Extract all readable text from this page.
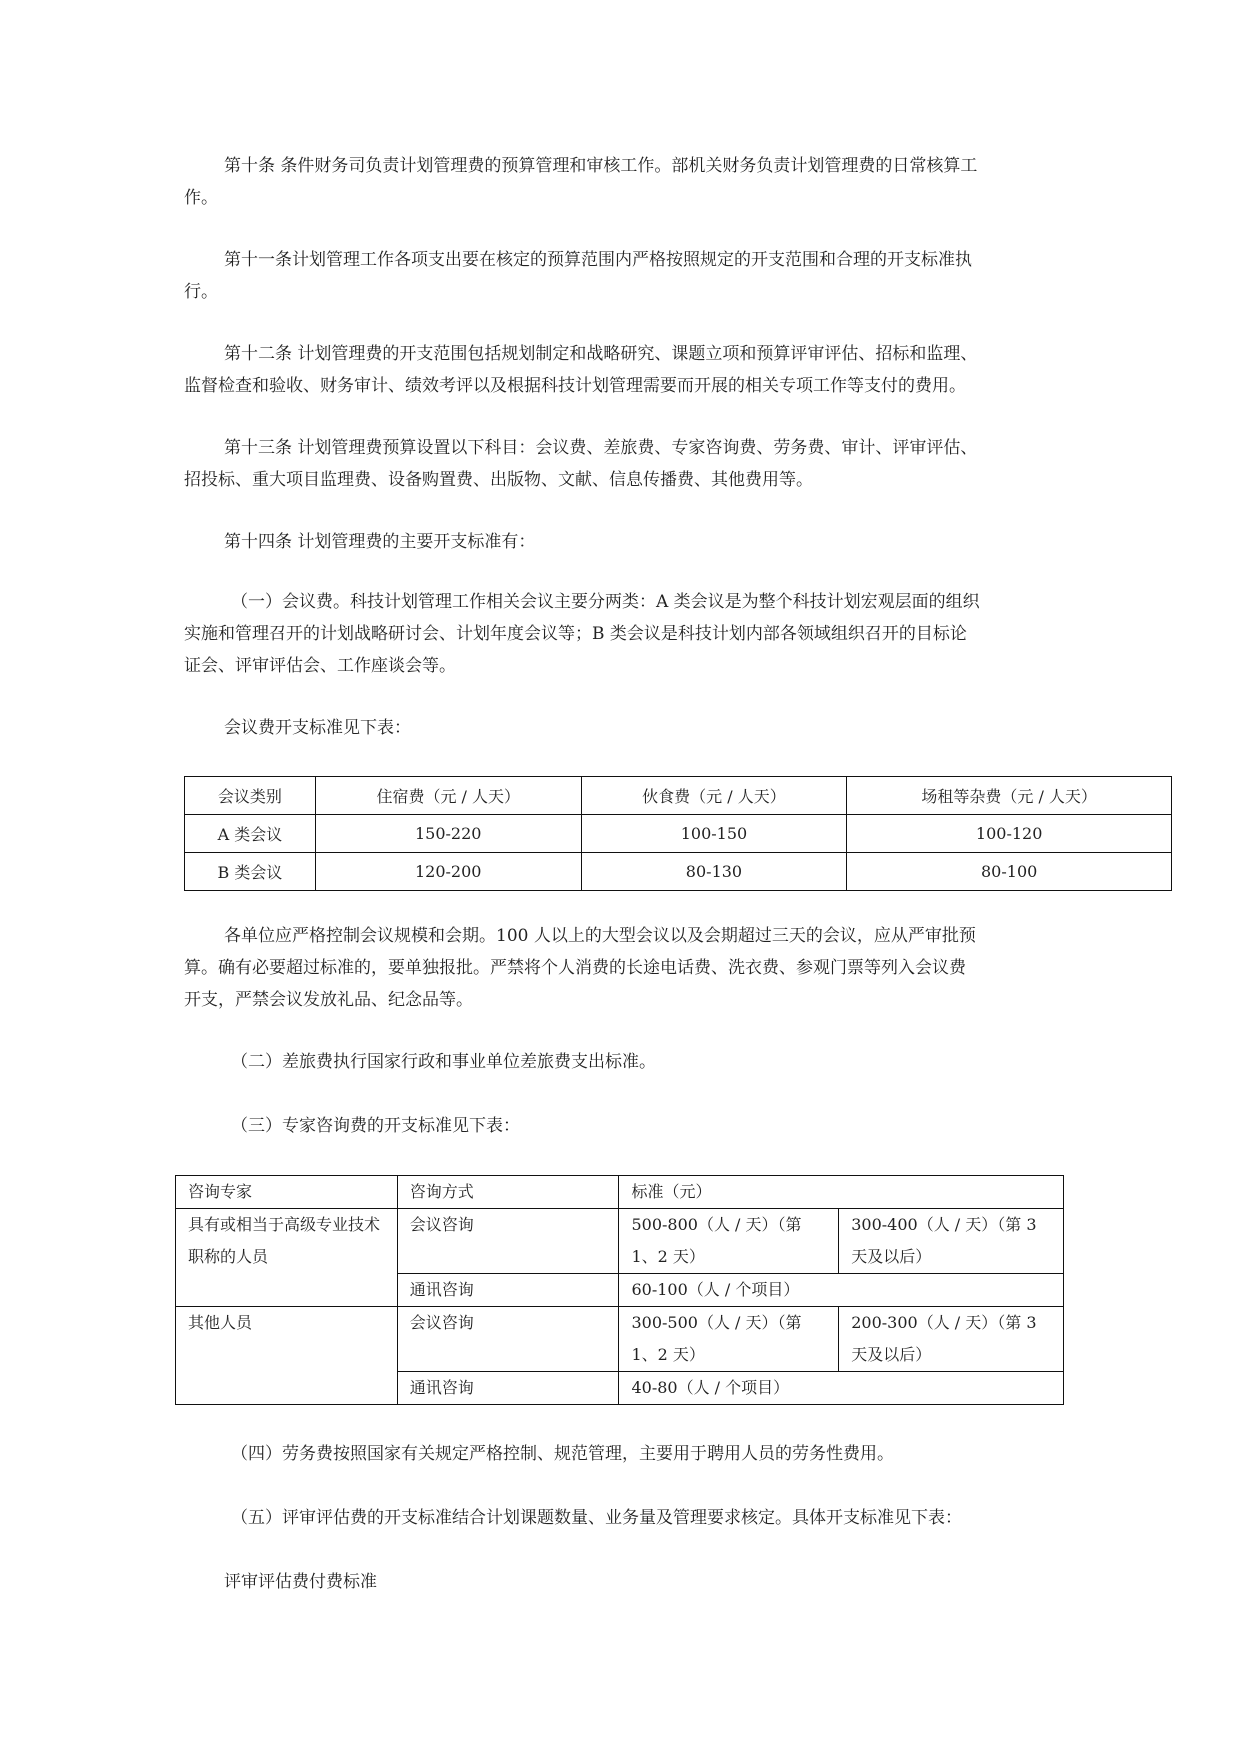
第十条 条件财务司负责计划管理费的预算管理和审核工作。部机关财务负责计划管理费的日常核算工
作。
第十一条计划管理工作各项支出要在核定的预算范围内严格按照规定的开支范围和合理的开支标准执
行。
第十二条 计划管理费的开支范围包括规划制定和战略研究、课题立项和预算评审评估、招标和监理、
监督检查和验收、财务审计、绩效考评以及根据科技计划管理需要而开展的相关专项工作等支付的费用。
第十三条 计划管理费预算设置以下科目：会议费、差旅费、专家咨询费、劳务费、审计、评审评估、
招投标、重大项目监理费、设备购置费、出版物、文献、信息传播费、其他费用等。
第十四条 计划管理费的主要开支标准有：
（一）会议费。科技计划管理工作相关会议主要分两类：A 类会议是为整个科技计划宏观层面的组织
实施和管理召开的计划战略研讨会、计划年度会议等；B 类会议是科技计划内部各领域组织召开的目标论
证会、评审评估会、工作座谈会等。
会议费开支标准见下表：
会议类别	住宿费（元 / 人天）	伙食费（元 / 人天）	场租等杂费（元 / 人天）
A 类会议	150-220	100-150	100-120
B 类会议	120-200	80-130	80-100
各单位应严格控制会议规模和会期。100 人以上的大型会议以及会期超过三天的会议，应从严审批预
算。确有必要超过标准的，要单独报批。严禁将个人消费的长途电话费、洗衣费、参观门票等列入会议费
开支，严禁会议发放礼品、纪念品等。
（二）差旅费执行国家行政和事业单位差旅费支出标准。
（三）专家咨询费的开支标准见下表：
咨询专家	咨询方式	标准（元）	
具有或相当于高级专业技术职称的人员	会议咨询	500-800（人 / 天）（第 1、2 天）	300-400（人 / 天）（第 3 天及以后）
	通讯咨询	60-100（人 / 个项目）	
其他人员	会议咨询	300-500（人 / 天）（第 1、2 天）	200-300（人 / 天）（第 3 天及以后）
	通讯咨询	40-80（人 / 个项目）	
（四）劳务费按照国家有关规定严格控制、规范管理，主要用于聘用人员的劳务性费用。
（五）评审评估费的开支标准结合计划课题数量、业务量及管理要求核定。具体开支标准见下表：
评审评估费付费标准
